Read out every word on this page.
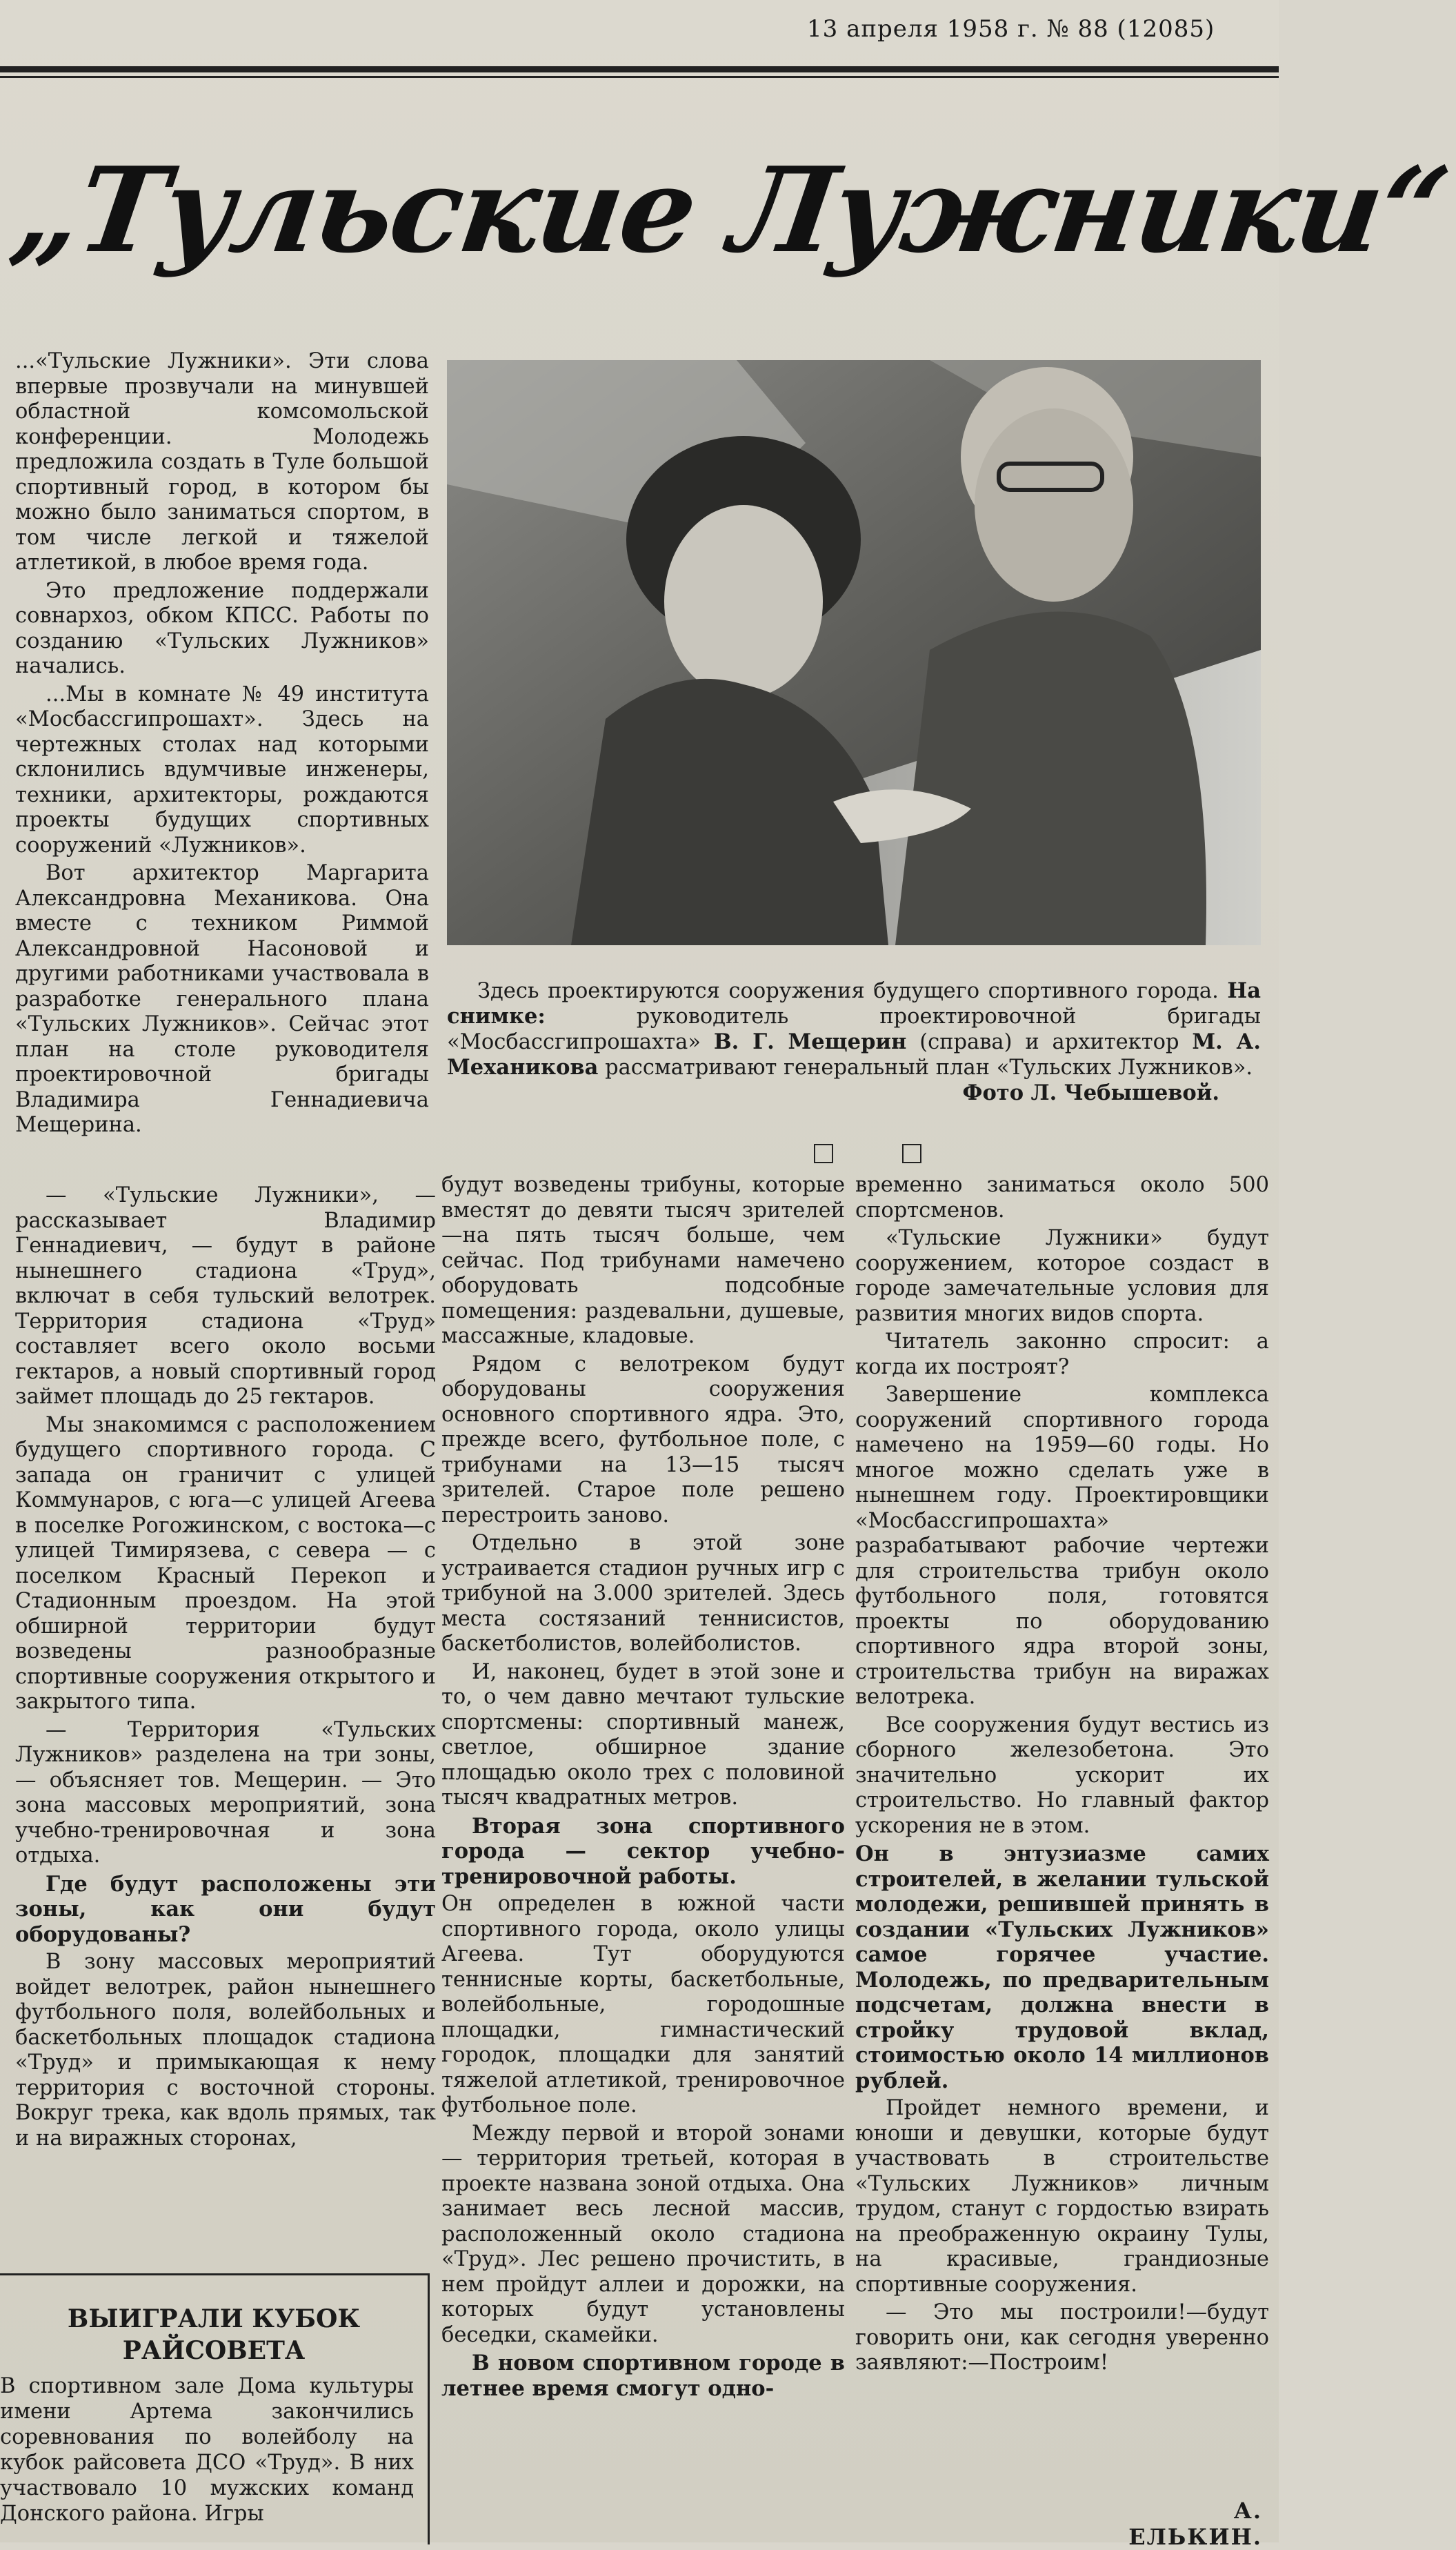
13 апреля 1958 г. № 88 (12085)
„Тульские Лужники“

...«Тульские Лужники». Эти слова впервые прозвучали на минувшей областной комсомольской конференции. Молодежь предложила создать в Туле большой спортивный город, в котором бы можно было заниматься спортом, в том числе легкой и тяжелой атлетикой, в любое время года.

Это предложение поддержали совнархоз, обком КПСС. Работы по созданию «Тульских Лужников» начались.

...Мы в комнате № 49 института «Мосбассгипрошахт». Здесь на чертежных столах над которыми склонились вдумчивые инженеры, техники, архитекторы, рождаются проекты будущих спортивных сооружений «Лужников».

Вот архитектор Маргарита Александровна Механикова. Она вместе с техником Риммой Александровной Насоновой и другими работниками участвовала в разработке генерального плана «Тульских Лужников». Сейчас этот план на столе руководителя проектировочной бригады Владимира Геннадиевича Мещерина.

Здесь проектируются сооружения будущего спортивного города. На снимке:	руководитель проектировочной бригады «Мосбассгипрошахта» В. Г. Мещерин (справа) и архитектор М. А. Механикова рассматривают генеральный план «Тульских Лужников».
Фото Л. Чебышевой.

— «Тульские Лужники», — рассказывает Владимир Геннадиевич, — будут в районе нынешнего стадиона «Труд», включат в себя тульский велотрек. Территория стадиона «Труд» составляет всего около восьми гектаров, а новый спортивный город займет площадь до 25 гектаров.

Мы знакомимся с расположением будущего спортивного города. С запада он граничит с улицей Коммунаров, с юга—с улицей Агеева в поселке Рогожинском, с востока—с улицей Тимирязева, с севера — с поселком Красный Перекоп и Стадионным проездом. На этой обширной территории будут возведены разнообразные спортивные сооружения открытого и закрытого типа.

— Территория «Тульских Лужников» разделена на три зоны, — объясняет тов. Мещерин. — Это зона массовых мероприятий, зона учебно-тренировочная и зона отдыха.

Где будут расположены эти зоны, как они будут оборудованы?

В зону массовых мероприятий войдет велотрек, район нынешнего футбольного поля, волейбольных и баскетбольных площадок стадиона «Труд» и примыкающая к нему территория с восточной стороны. Вокруг трека, как вдоль прямых, так и на виражных сторонах,

будут возведены трибуны, которые вместят до девяти тысяч зрителей—на пять тысяч больше, чем сейчас. Под трибунами намечено оборудовать подсобные помещения: раздевальни, душевые, массажные, кладовые.

Рядом с велотреком будут оборудованы сооружения основного спортивного ядра. Это, прежде всего, футбольное поле, с трибунами на 13—15 тысяч зрителей. Старое поле решено перестроить заново.

Отдельно в этой зоне устраивается стадион ручных игр с трибуной на 3.000 зрителей. Здесь места состязаний теннисистов, баскетболистов, волейболистов.

И, наконец, будет в этой зоне и то, о чем давно мечтают тульские спортсмены: спортивный манеж, светлое, обширное здание площадью около трех с половиной тысяч квадратных метров.

Вторая зона спортивного города — сектор учебно-тренировочной работы.

Он определен в южной части спортивного города, около улицы Агеева. Тут оборудуются теннисные корты, баскетбольные, волейбольные, городошные площадки, гимнастический городок, площадки для занятий тяжелой атлетикой, тренировочное футбольное поле.

Между первой и второй зонами — территория третьей, которая в проекте названа зоной отдыха. Она занимает весь лесной массив, расположенный около стадиона «Труд». Лес решено прочистить, в нем пройдут аллеи и дорожки, на которых будут установлены беседки, скамейки.

В новом спортивном городе в летнее время смогут одно-

временно заниматься около 500 спортсменов.

«Тульские Лужники» будут сооружением, которое создаст в городе замечательные условия для развития многих видов спорта.

Читатель законно спросит: а когда их построят?

Завершение комплекса сооружений спортивного города намечено на 1959—60 годы. Но многое можно сделать уже в нынешнем году. Проектировщики «Мосбассгипрошахта» разрабатывают рабочие чертежи для строительства трибун около футбольного поля, готовятся проекты по оборудованию спортивного ядра второй зоны, строительства трибун на виражах велотрека.

Все сооружения будут вестись из сборного железобетона. Это значительно ускорит их строительство. Но главный фактор ускорения не в этом.

Он в энтузиазме самих строителей, в желании тульской молодежи, решившей принять в создании «Тульских Лужников» самое горячее участие. Молодежь, по предварительным подсчетам, должна внести в стройку трудовой вклад, стоимостью около 14 миллионов рублей.

Пройдет немного времени, и юноши и девушки, которые будут участвовать в строительстве «Тульских Лужников» личным трудом, станут с гордостью взирать на преображенную окраину Тулы, на красивые, грандиозные спортивные сооружения.

— Это мы построили!—будут говорить они, как сегодня уверенно заявляют:—Построим!

А. ЕЛЬКИН.
ВЫИГРАЛИ КУБОК РАЙСОВЕТА

В спортивном зале Дома культуры имени Артема закончились соревнования по волейболу на кубок райсовета ДСО «Труд». В них участвовало 10 мужских команд Донского района. Игры
